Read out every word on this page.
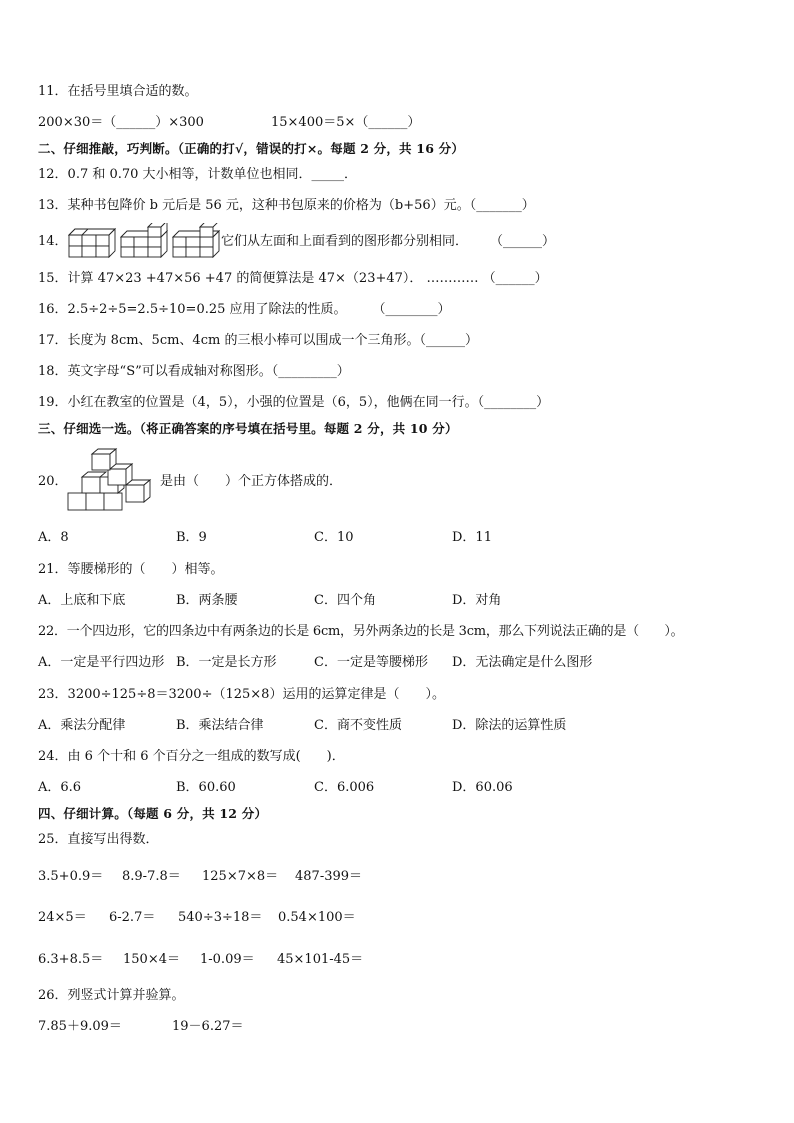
11．在括号里填合适的数。
200×30＝（______）×300	15×400＝5×（______）
二、仔细推敲，巧判断。（正确的打√，错误的打×。每题 2 分，共 16 分）
12．0.7 和 0.70 大小相等，计数单位也相同．_____．
13．某种书包降价 b 元后是 56 元，这种书包原来的价格为（b+56）元。（_______）
14．	它们从左面和上面看到的图形都分别相同． （______）
15．计算 47×23 +47×56 +47 的简便算法是 47×（23+47）． ………… （______）
16．2.5÷2÷5=2.5÷10=0.25 应用了除法的性质。　　　（________）
17．长度为 8cm、5cm、4cm 的三根小棒可以围成一个三角形。（______）
18．英文字母“S”可以看成轴对称图形。（_________）
19．小红在教室的位置是（4，5），小强的位置是（6，5），他俩在同一行。（________）
三、仔细选一选。（将正确答案的序号填在括号里。每题 2 分，共 10 分）
20．	是由（　　）个正方体搭成的．
A．8	B．9	C．10	D．11
21．等腰梯形的（　　）相等。
A．上底和下底	B．两条腰	C．四个角	D．对角
22．一个四边形，它的四条边中有两条边的长是 6cm，另外两条边的长是 3cm，那么下列说法正确的是（　　）。
A．一定是平行四边形 B．一定是长方形	C．一定是等腰梯形 D．无法确定是什么图形
23．3200÷125÷8＝3200÷（125×8）运用的运算定律是（　　）。
A．乘法分配律	B．乘法结合律	C．商不变性质	D．除法的运算性质
24．由 6 个十和 6 个百分之一组成的数写成(　　)．
A．6.6	B．60.60	C．6.006	D．60.06
四、仔细计算。（每题 6 分，共 12 分）
25．直接写出得数．
3.5+0.9＝ 8.9-7.8＝ 125×7×8＝ 487-399＝
24×5＝ 6-2.7＝ 540÷3÷18＝ 0.54×100＝
6.3+8.5＝ 150×4＝ 1-0.09＝ 45×101-45＝
26．列竖式计算并验算。
7.85＋9.09＝	19－6.27＝
